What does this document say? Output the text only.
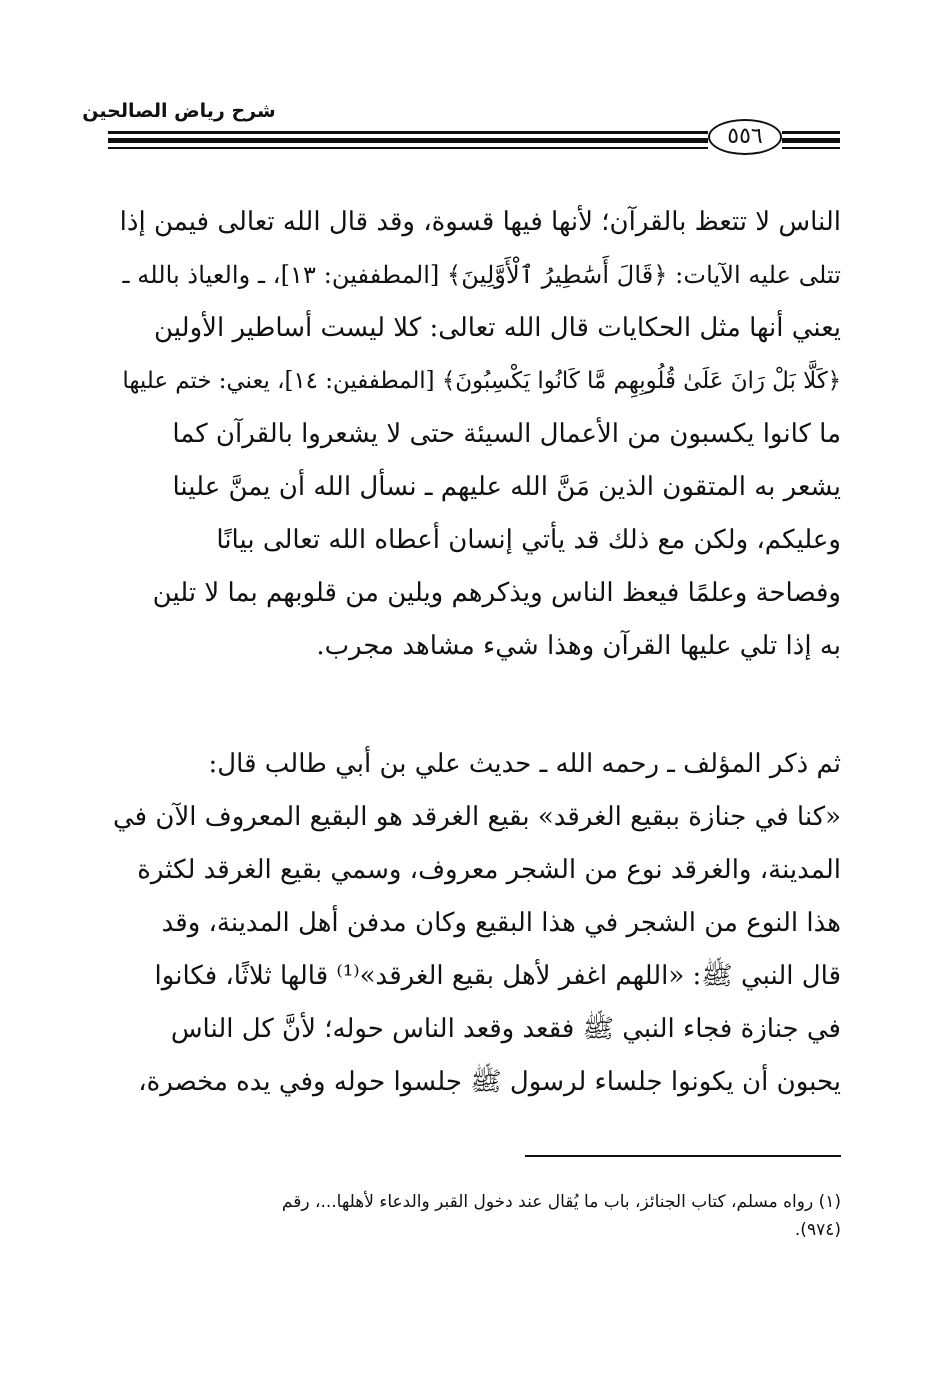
شرح رياض الصالحين
٥٥٦
الناس لا تتعظ بالقرآن؛ لأنها فيها قسوة، وقد قال الله تعالى فيمن إذا
تتلى عليه الآيات: ﴿قَالَ أَسَٰطِيرُ ٱلْأَوَّلِينَ﴾ [المطففين: ١٣]، ـ والعياذ بالله ـ
يعني أنها مثل الحكايات قال الله تعالى: كلا ليست أساطير الأولين
﴿كَلَّا بَلْ رَانَ عَلَىٰ قُلُوبِهِم مَّا كَانُوا يَكْسِبُونَ﴾ [المطففين: ١٤]، يعني: ختم عليها
ما كانوا يكسبون من الأعمال السيئة حتى لا يشعروا بالقرآن كما
يشعر به المتقون الذين مَنَّ الله عليهم ـ نسأل الله أن يمنَّ علينا
وعليكم، ولكن مع ذلك قد يأتي إنسان أعطاه الله تعالى بيانًا
وفصاحة وعلمًا فيعظ الناس ويذكرهم ويلين من قلوبهم بما لا تلين
به إذا تلي عليها القرآن وهذا شيء مشاهد مجرب.
ثم ذكر المؤلف ـ رحمه الله ـ حديث علي بن أبي طالب قال:
«كنا في جنازة ببقيع الغرقد» بقيع الغرقد هو البقيع المعروف الآن في
المدينة، والغرقد نوع من الشجر معروف، وسمي بقيع الغرقد لكثرة
هذا النوع من الشجر في هذا البقيع وكان مدفن أهل المدينة، وقد
قال النبي ﷺ: «اللهم اغفر لأهل بقيع الغرقد»⁽¹⁾ قالها ثلاثًا، فكانوا
في جنازة فجاء النبي ﷺ فقعد وقعد الناس حوله؛ لأنَّ كل الناس
يحبون أن يكونوا جلساء لرسول ﷺ جلسوا حوله وفي يده مخصرة،
(١) رواه مسلم، كتاب الجنائز، باب ما يُقال عند دخول القبر والدعاء لأهلها...، رقم
(٩٧٤).
